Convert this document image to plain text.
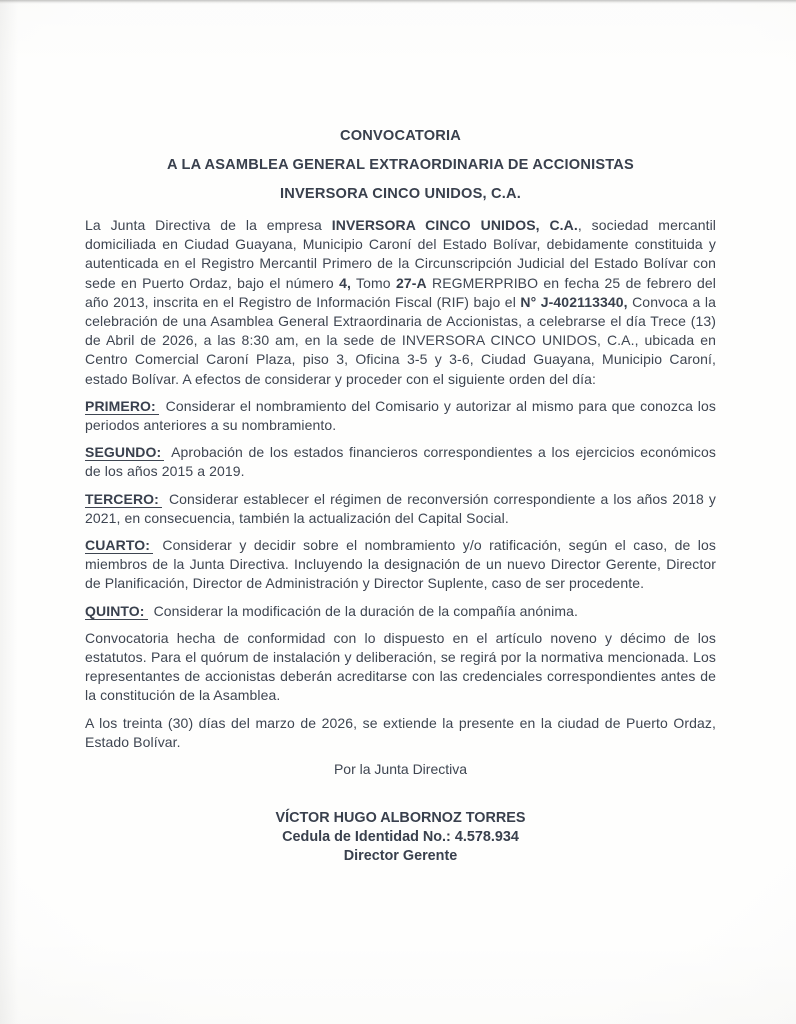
CONVOCATORIA
A LA ASAMBLEA GENERAL EXTRAORDINARIA DE ACCIONISTAS
INVERSORA CINCO UNIDOS, C.A.

La Junta Directiva de la empresa INVERSORA CINCO UNIDOS, C.A., sociedad mercantil domiciliada en Ciudad Guayana, Municipio Caroní del Estado Bolívar, debidamente constituida y autenticada en el Registro Mercantil Primero de la Circunscripción Judicial del Estado Bolívar con sede en Puerto Ordaz, bajo el número 4, Tomo 27-A REGMERPRIBO en fecha 25 de febrero del año 2013, inscrita en el Registro de Información Fiscal (RIF) bajo el N° J-402113340, Convoca a la celebración de una Asamblea General Extraordinaria de Accionistas, a celebrarse el día Trece (13) de Abril de 2026, a las 8:30 am, en la sede de INVERSORA CINCO UNIDOS, C.A., ubicada en Centro Comercial Caroní Plaza, piso 3, Oficina 3-5 y 3-6, Ciudad Guayana, Municipio Caroní, estado Bolívar. A efectos de considerar y proceder con el siguiente orden del día:

PRIMERO: Considerar el nombramiento del Comisario y autorizar al mismo para que conozca los periodos anteriores a su nombramiento.

SEGUNDO: Aprobación de los estados financieros correspondientes a los ejercicios económicos de los años 2015 a 2019.

TERCERO: Considerar establecer el régimen de reconversión correspondiente a los años 2018 y 2021, en consecuencia, también la actualización del Capital Social.

CUARTO: Considerar y decidir sobre el nombramiento y/o ratificación, según el caso, de los miembros de la Junta Directiva. Incluyendo la designación de un nuevo Director Gerente, Director de Planificación, Director de Administración y Director Suplente, caso de ser procedente.

QUINTO: Considerar la modificación de la duración de la compañía anónima.

Convocatoria hecha de conformidad con lo dispuesto en el artículo noveno y décimo de los estatutos. Para el quórum de instalación y deliberación, se regirá por la normativa mencionada. Los representantes de accionistas deberán acreditarse con las credenciales correspondientes antes de la constitución de la Asamblea.

A los treinta (30) días del marzo de 2026, se extiende la presente en la ciudad de Puerto Ordaz, Estado Bolívar.

Por la Junta Directiva

VÍCTOR HUGO ALBORNOZ TORRES
Cedula de Identidad No.: 4.578.934
Director Gerente
